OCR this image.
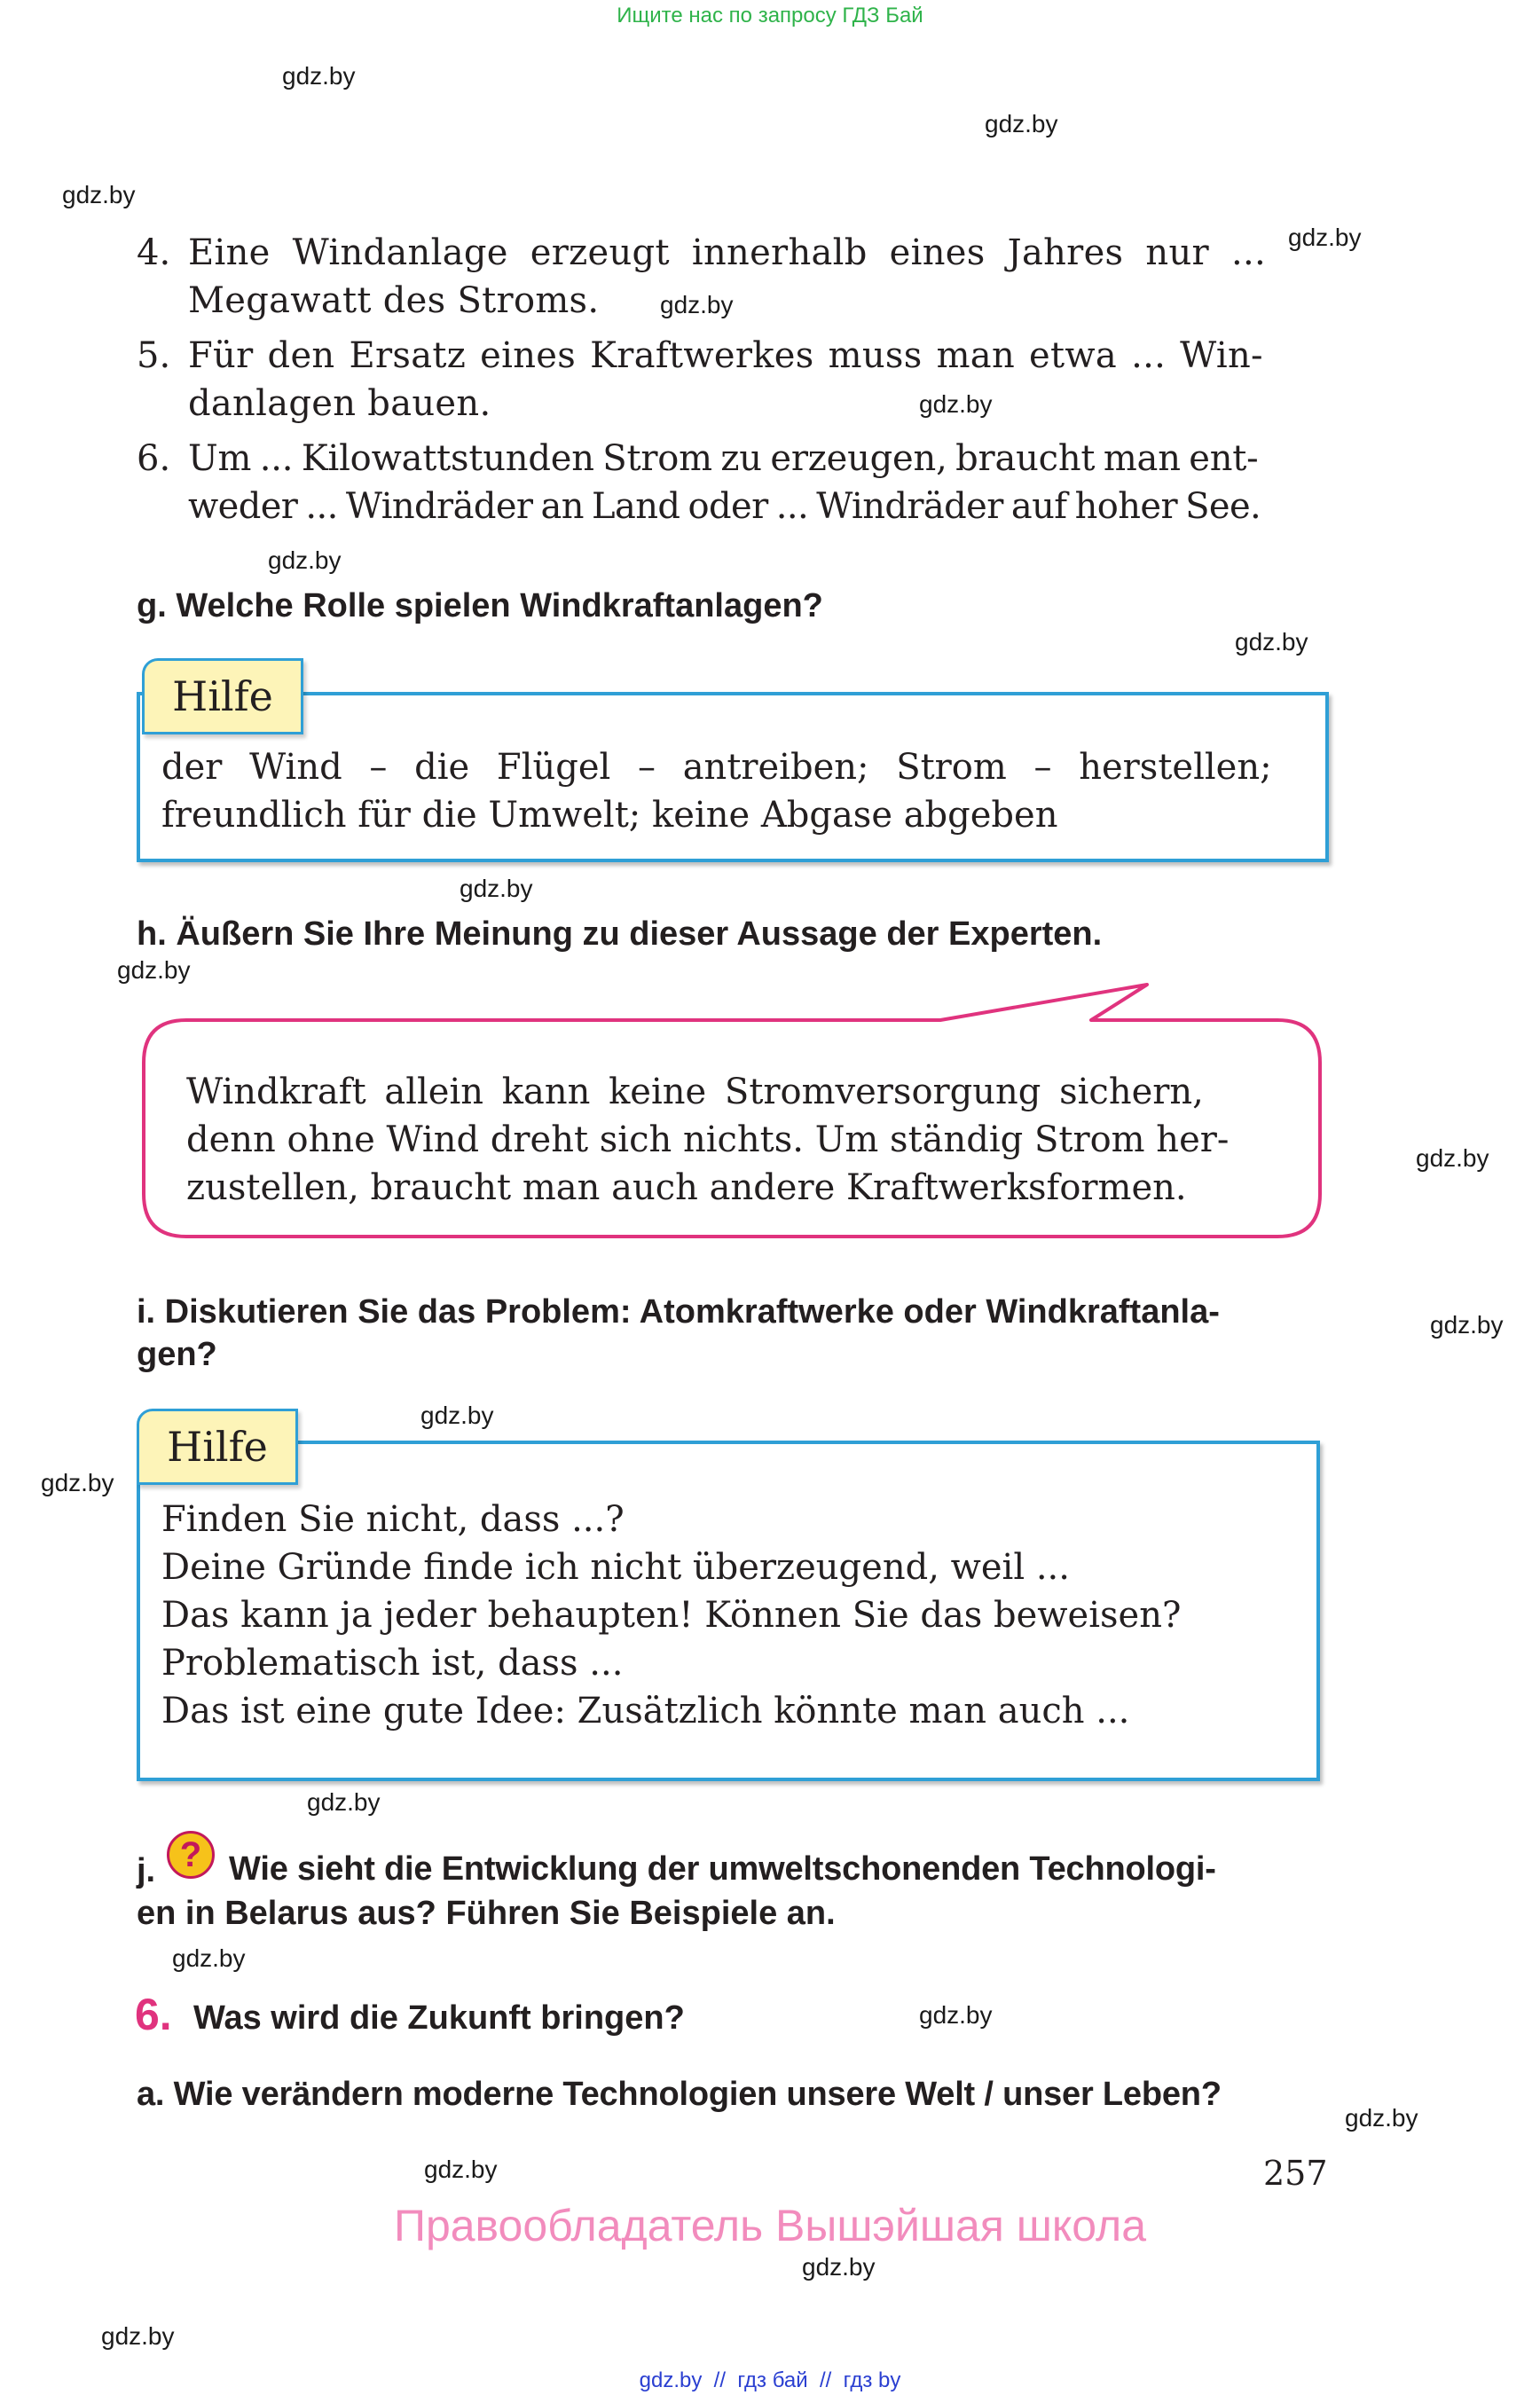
Ищите нас по запросу ГДЗ Бай
gdz.by
gdz.by
gdz.by
gdz.by
gdz.by
gdz.by
gdz.by
gdz.by
gdz.by
gdz.by
gdz.by
gdz.by
gdz.by
gdz.by
gdz.by
gdz.by
gdz.by
gdz.by
gdz.by
gdz.by
gdz.by
4. Eine Windanlage erzeugt innerhalb eines Jahres nur ...
Megawatt des Stroms.
5. Für den Ersatz eines Kraftwerkes muss man etwa ... Win-
danlagen bauen.
6. Um ... Kilowattstunden Strom zu erzeugen, braucht man ent-
weder ... Windräder an Land oder ... Windräder auf hoher See.
g. Welche Rolle spielen Windkraftanlagen?
Hilfe
der Wind – die Flügel – antreiben; Strom – herstellen;
freundlich für die Umwelt; keine Abgase abgeben
h. Äußern Sie Ihre Meinung zu dieser Aussage der Experten.
Windkraft allein kann keine Stromversorgung sichern,
denn ohne Wind dreht sich nichts. Um ständig Strom her-
zustellen, braucht man auch andere Kraftwerksformen.
i. Diskutieren Sie das Problem: Atomkraftwerke oder Windkraftanla-
gen?
Hilfe
Finden Sie nicht, dass ...?
Deine Gründe finde ich nicht überzeugend, weil ...
Das kann ja jeder behaupten! Können Sie das beweisen?
Problematisch ist, dass ...
Das ist eine gute Idee: Zusätzlich könnte man auch ...
j. ? Wie sieht die Entwicklung der umweltschonenden Technologi-
en in Belarus aus? Führen Sie Beispiele an.
6. Was wird die Zukunft bringen?
a. Wie verändern moderne Technologien unsere Welt / unser Leben?
257
Правообладатель Вышэйшая школа
gdz.by  //  гдз бай  //  гдз by
